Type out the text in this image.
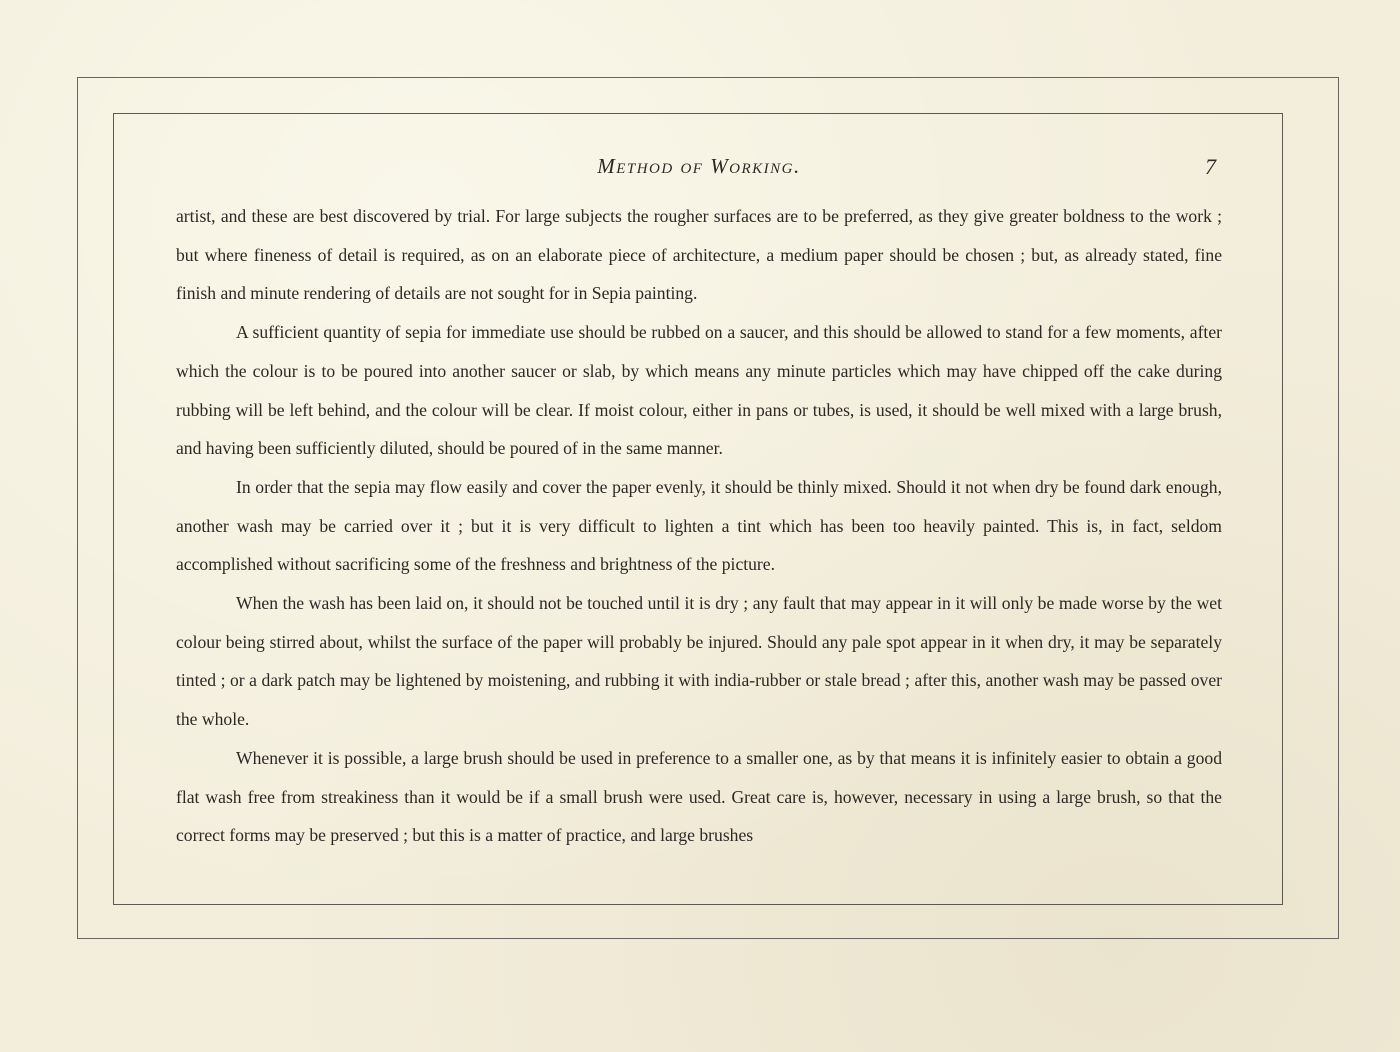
Method of Working.	7

artist, and these are best discovered by trial. For large subjects the rougher surfaces are to be preferred, as they give greater boldness to the work ; but where fineness of detail is required, as on an elaborate piece of architecture, a medium paper should be chosen ; but, as already stated, fine finish and minute rendering of details are not sought for in Sepia painting.

A sufficient quantity of sepia for immediate use should be rubbed on a saucer, and this should be allowed to stand for a few moments, after which the colour is to be poured into another saucer or slab, by which means any minute particles which may have chipped off the cake during rubbing will be left behind, and the colour will be clear. If moist colour, either in pans or tubes, is used, it should be well mixed with a large brush, and having been sufficiently diluted, should be poured of in the same manner.

In order that the sepia may flow easily and cover the paper evenly, it should be thinly mixed. Should it not when dry be found dark enough, another wash may be carried over it ; but it is very difficult to lighten a tint which has been too heavily painted. This is, in fact, seldom accomplished without sacrificing some of the freshness and brightness of the picture.

When the wash has been laid on, it should not be touched until it is dry ; any fault that may appear in it will only be made worse by the wet colour being stirred about, whilst the surface of the paper will probably be injured. Should any pale spot appear in it when dry, it may be separately tinted ; or a dark patch may be lightened by moistening, and rubbing it with india-rubber or stale bread ; after this, another wash may be passed over the whole.

Whenever it is possible, a large brush should be used in preference to a smaller one, as by that means it is infinitely easier to obtain a good flat wash free from streakiness than it would be if a small brush were used. Great care is, however, necessary in using a large brush, so that the correct forms may be preserved ; but this is a matter of practice, and large brushes
